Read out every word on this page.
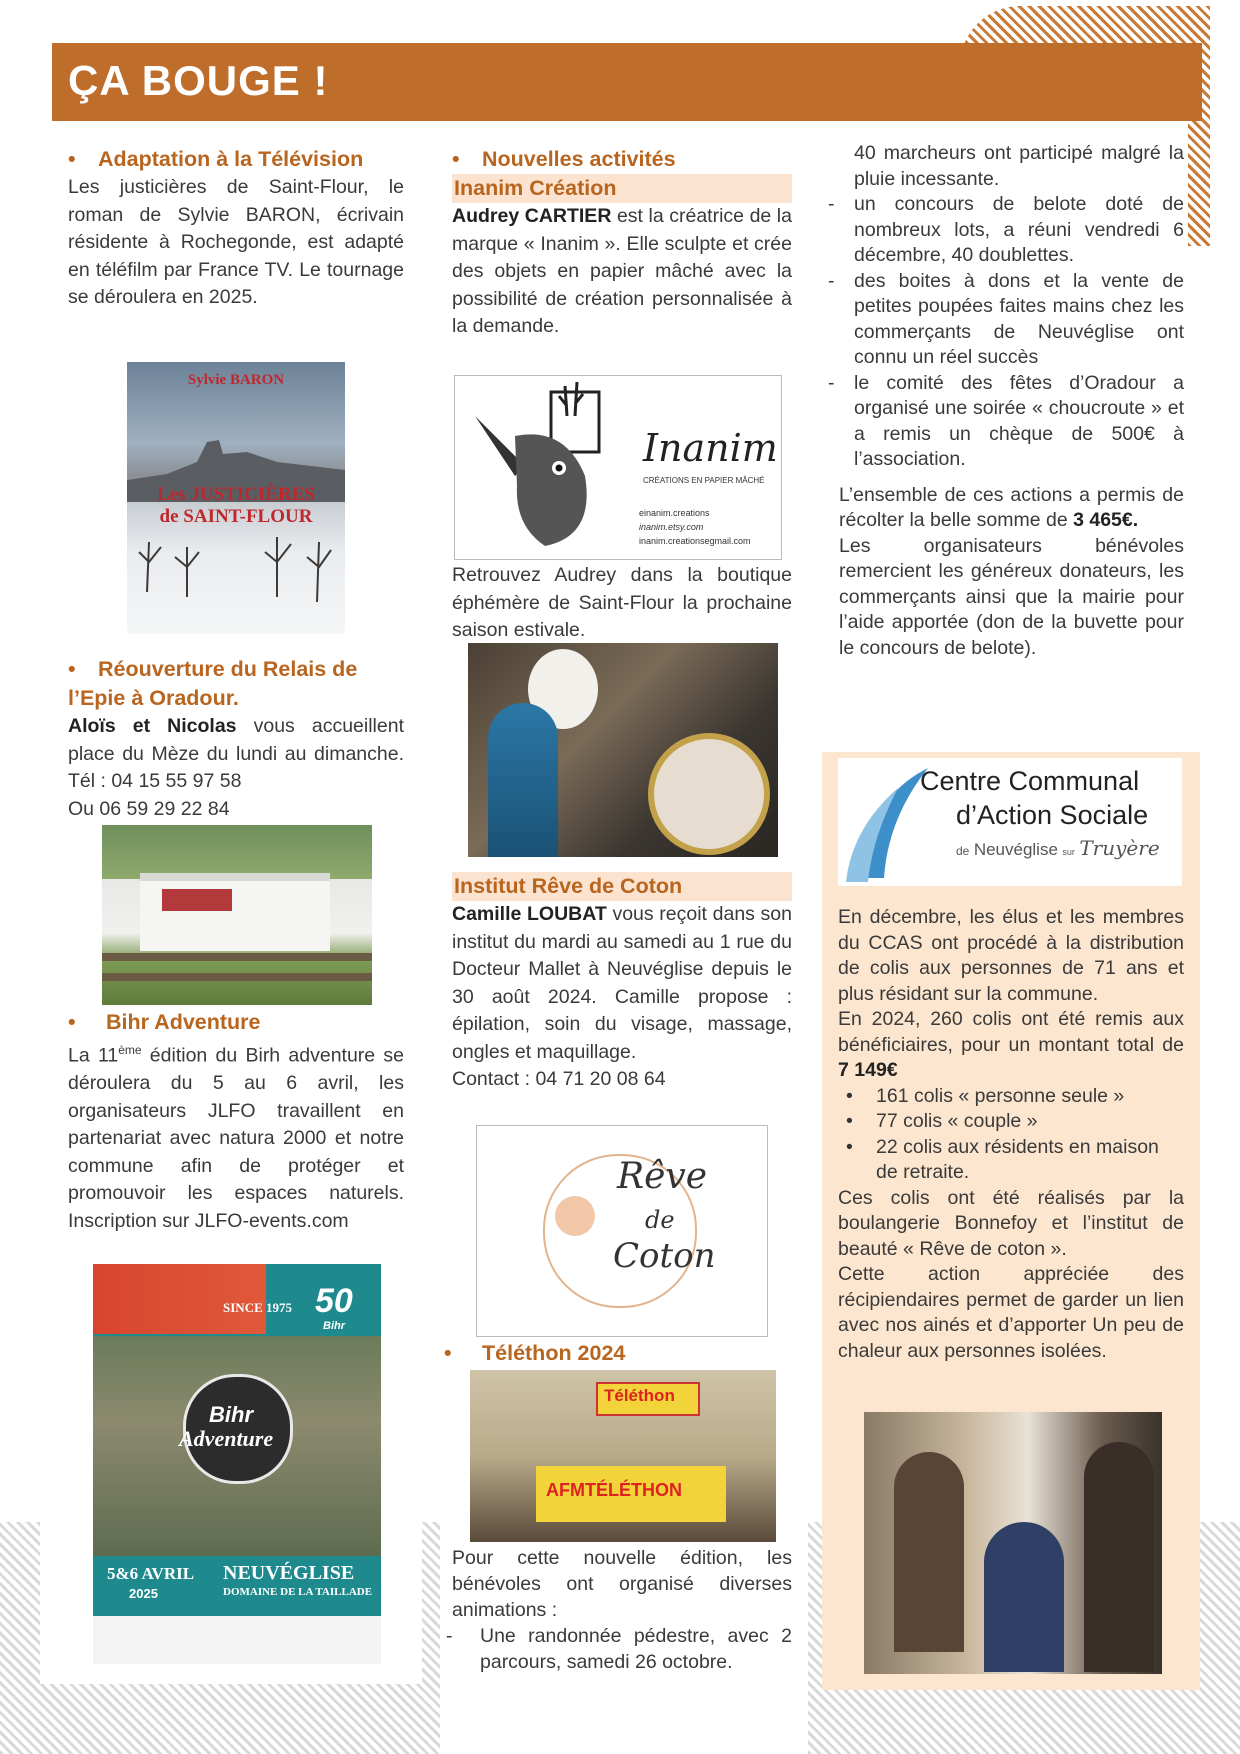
ÇA BOUGE !
• Adaptation à la Télévision

Les justicières de Saint-Flour, le roman de Sylvie BARON, écrivain résidente à Rochegonde, est adapté en téléfilm par France TV. Le tournage se déroulera en 2025.

Sylvie BARON
Les JUSTICIÈRES
de SAINT-FLOUR
• Réouverture du Relais de
l’Epie à Oradour.

Aloïs et Nicolas vous accueillent place du Mèze du lundi au dimanche. Tél : 04 15 55 97 58

Ou 06 59 29 22 84

• Bihr Adventure

La 11ème édition du Birh adventure se déroulera du 5 au 6 avril, les organisateurs JLFO travaillent en partenariat avec natura 2000 et notre commune afin de protéger et promouvoir les espaces naturels. Inscription sur JLFO-events.com

SINCE 1975 50
Bihr
Bihr
Adventure
5&6 AVRIL
2025
NEUVÉGLISE
DOMAINE DE LA TAILLADE
• Nouvelles activités
Inanim Création

Audrey CARTIER est la créatrice de la marque « Inanim ». Elle sculpte et crée des objets en papier mâché avec la possibilité de création personnalisée à la demande.

Inanim
CRÉATIONS EN PAPIER MÂCHÉ
einanim.creations
inanim.etsy.com
inanim.creationsegmail.com

Retrouvez Audrey dans la boutique éphémère de Saint-Flour la prochaine saison estivale.

Institut Rêve de Coton

Camille LOUBAT vous reçoit dans son institut du mardi au samedi au 1 rue du Docteur Mallet à Neuvéglise depuis le 30 août 2024. Camille propose : épilation, soin du visage, massage, ongles et maquillage.

Contact : 04 71 20 08 64

Rêve
de
Coton
• Téléthon 2024
Téléthon
AFMTÉLÉTHON

Pour cette nouvelle édition, les bénévoles ont organisé diverses animations :

- Une randonnée pédestre, avec 2 parcours, samedi 26 octobre.

40 marcheurs ont participé malgré la pluie incessante.

- un concours de belote doté de nombreux lots, a réuni vendredi 6 décembre, 40 doublettes.
- des boites à dons et la vente de petites poupées faites mains chez les commerçants de Neuvéglise ont connu un réel succès
- le comité des fêtes d’Oradour a organisé une soirée « choucroute » et a remis un chèque de 500€ à l’association.

L’ensemble de ces actions a permis de récolter la belle somme de 3 465€.

Les organisateurs bénévoles remercient les généreux donateurs, les commerçants ainsi que la mairie pour l’aide apportée (don de la buvette pour le concours de belote).

Centre Communal
d’Action Sociale
de Neuvéglise sur Truyère

En décembre, les élus et les membres du CCAS ont procédé à la distribution de colis aux personnes de 71 ans et plus résidant sur la commune.

En 2024, 260 colis ont été remis aux bénéficiaires, pour un montant total de 7 149€

• 161 colis « personne seule »
• 77 colis « couple »
• 22 colis aux résidents en maison de retraite.

Ces colis ont été réalisés par la boulangerie Bonnefoy et l’institut de beauté « Rêve de coton ».

Cette action appréciée des récipiendaires permet de garder un lien avec nos ainés et d’apporter Un peu de chaleur aux personnes isolées.
